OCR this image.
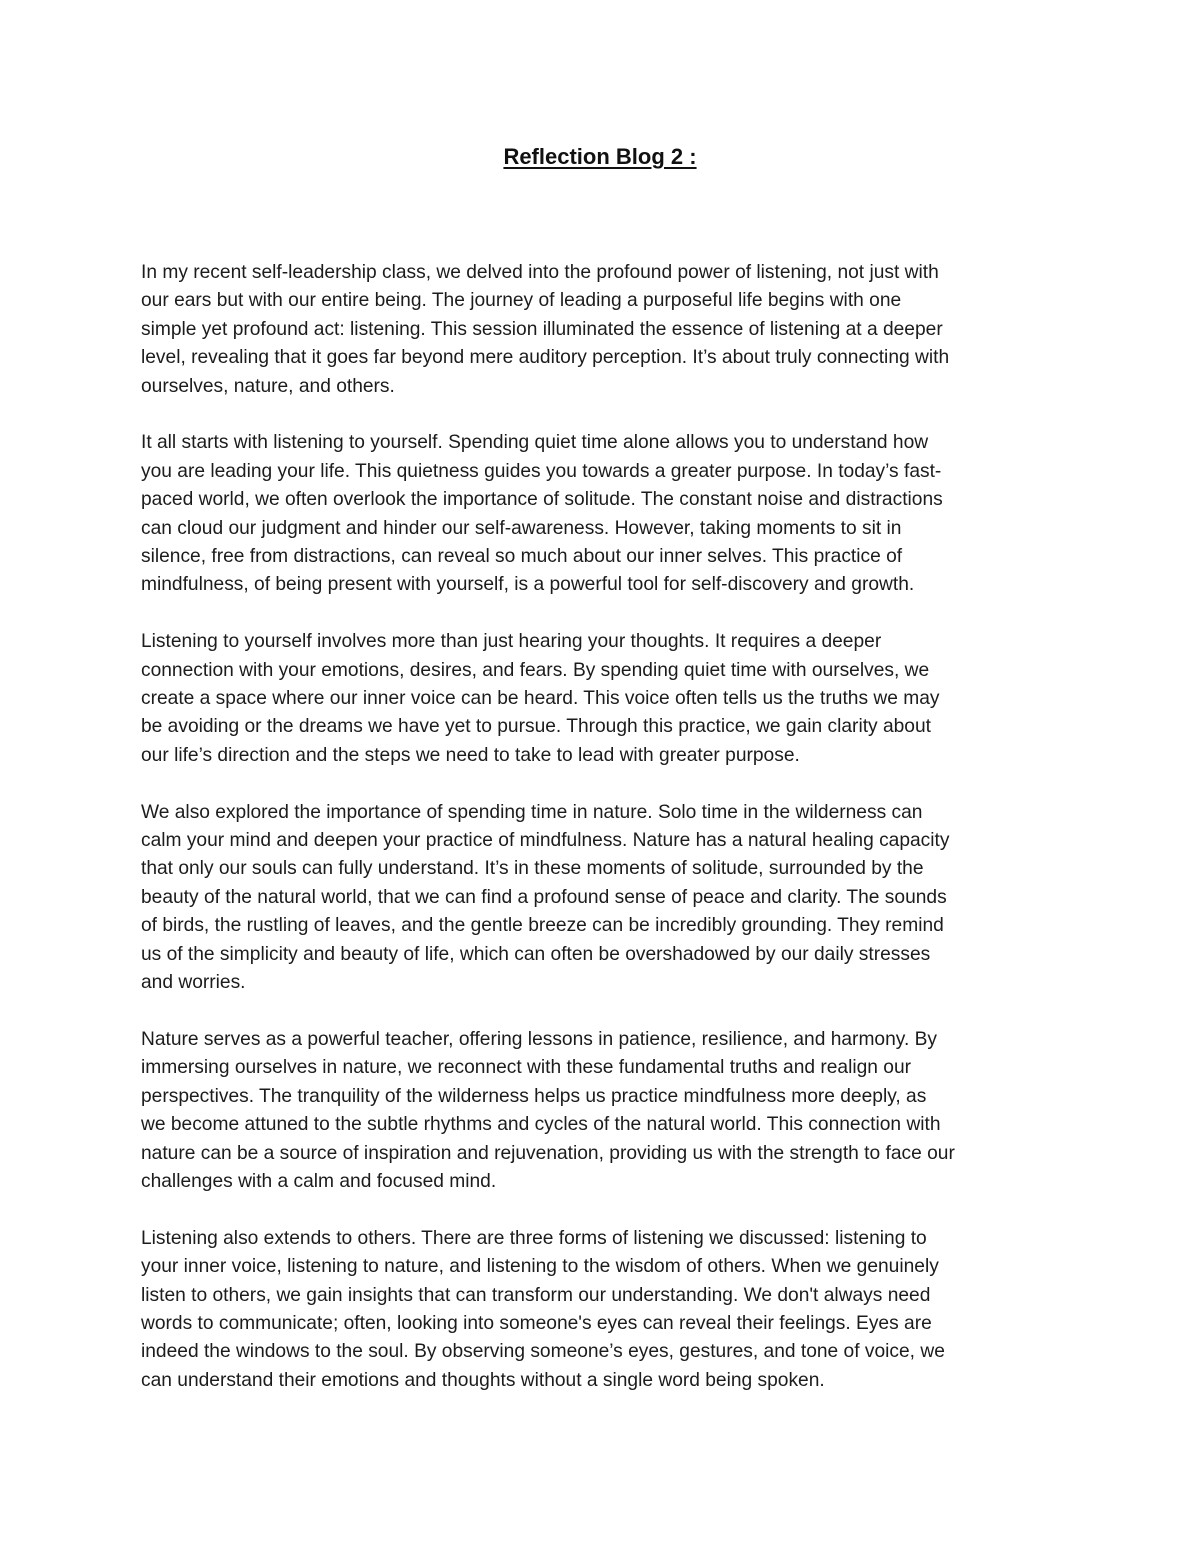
Reflection Blog 2 :

In my recent self-leadership class, we delved into the profound power of listening, not just with
our ears but with our entire being. The journey of leading a purposeful life begins with one
simple yet profound act: listening. This session illuminated the essence of listening at a deeper
level, revealing that it goes far beyond mere auditory perception. It’s about truly connecting with
ourselves, nature, and others.

It all starts with listening to yourself. Spending quiet time alone allows you to understand how
you are leading your life. This quietness guides you towards a greater purpose. In today’s fast-
paced world, we often overlook the importance of solitude. The constant noise and distractions
can cloud our judgment and hinder our self-awareness. However, taking moments to sit in
silence, free from distractions, can reveal so much about our inner selves. This practice of
mindfulness, of being present with yourself, is a powerful tool for self-discovery and growth.

Listening to yourself involves more than just hearing your thoughts. It requires a deeper
connection with your emotions, desires, and fears. By spending quiet time with ourselves, we
create a space where our inner voice can be heard. This voice often tells us the truths we may
be avoiding or the dreams we have yet to pursue. Through this practice, we gain clarity about
our life’s direction and the steps we need to take to lead with greater purpose.

We also explored the importance of spending time in nature. Solo time in the wilderness can
calm your mind and deepen your practice of mindfulness. Nature has a natural healing capacity
that only our souls can fully understand. It’s in these moments of solitude, surrounded by the
beauty of the natural world, that we can find a profound sense of peace and clarity. The sounds
of birds, the rustling of leaves, and the gentle breeze can be incredibly grounding. They remind
us of the simplicity and beauty of life, which can often be overshadowed by our daily stresses
and worries.

Nature serves as a powerful teacher, offering lessons in patience, resilience, and harmony. By
immersing ourselves in nature, we reconnect with these fundamental truths and realign our
perspectives. The tranquility of the wilderness helps us practice mindfulness more deeply, as
we become attuned to the subtle rhythms and cycles of the natural world. This connection with
nature can be a source of inspiration and rejuvenation, providing us with the strength to face our
challenges with a calm and focused mind.

Listening also extends to others. There are three forms of listening we discussed: listening to
your inner voice, listening to nature, and listening to the wisdom of others. When we genuinely
listen to others, we gain insights that can transform our understanding. We don't always need
words to communicate; often, looking into someone's eyes can reveal their feelings. Eyes are
indeed the windows to the soul. By observing someone’s eyes, gestures, and tone of voice, we
can understand their emotions and thoughts without a single word being spoken.
